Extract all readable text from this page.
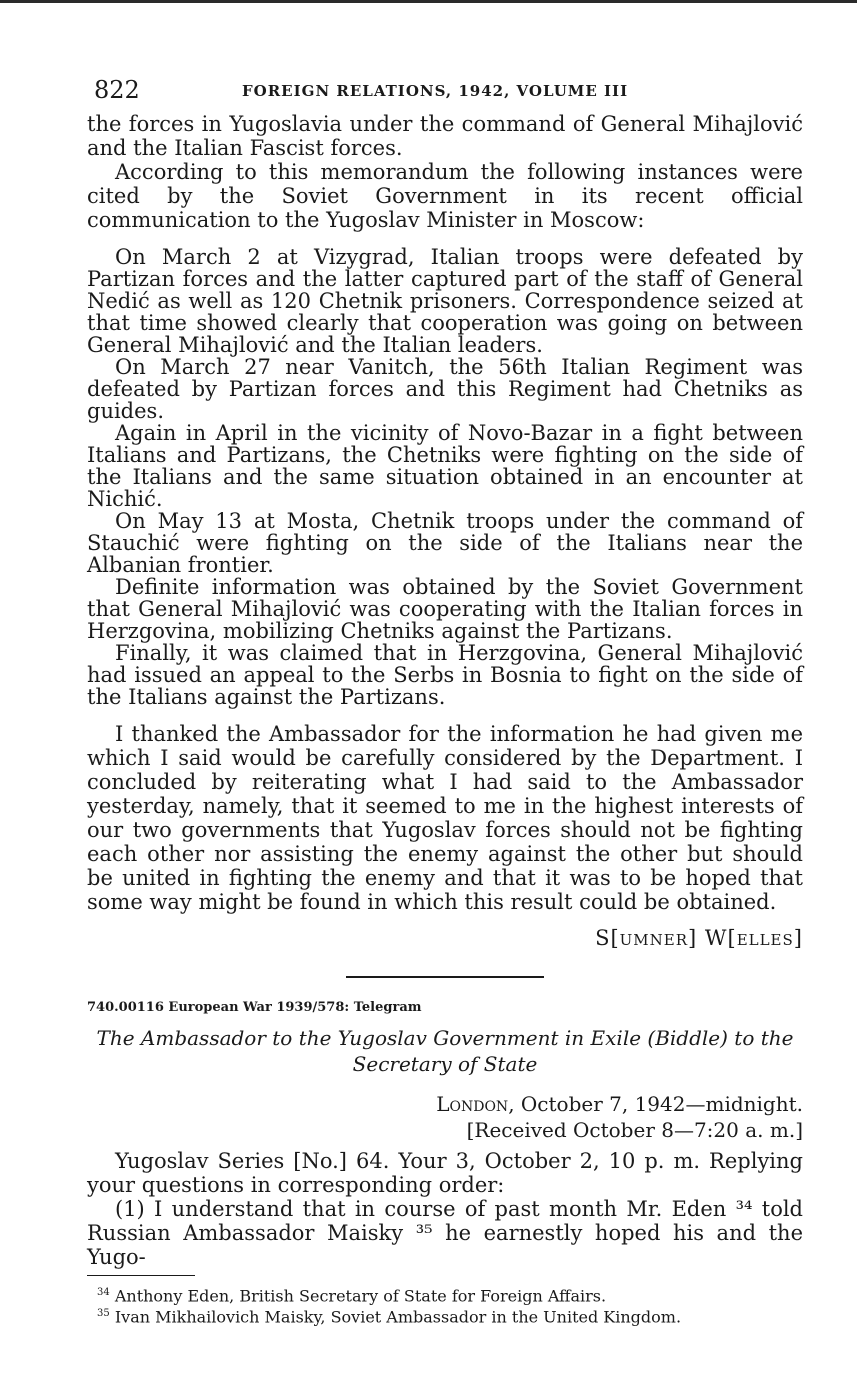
822	FOREIGN RELATIONS, 1942, VOLUME III

the forces in Yugoslavia under the command of General Mihajlović and the Italian Fascist forces.

According to this memorandum the following instances were cited by the Soviet Government in its recent official communication to the Yugoslav Minister in Moscow:

On March 2 at Vizygrad, Italian troops were defeated by Partizan forces and the latter captured part of the staff of General Nedić as well as 120 Chetnik prisoners. Correspondence seized at that time showed clearly that cooperation was going on between General Mihajlović and the Italian leaders.

On March 27 near Vanitch, the 56th Italian Regiment was defeated by Partizan forces and this Regiment had Chetniks as guides.

Again in April in the vicinity of Novo-Bazar in a fight between Italians and Partizans, the Chetniks were fighting on the side of the Italians and the same situation obtained in an encounter at Nichić.

On May 13 at Mosta, Chetnik troops under the command of Stauchić were fighting on the side of the Italians near the Albanian frontier.

Definite information was obtained by the Soviet Government that General Mihajlović was cooperating with the Italian forces in Herzgovina, mobilizing Chetniks against the Partizans.

Finally, it was claimed that in Herzgovina, General Mihajlović had issued an appeal to the Serbs in Bosnia to fight on the side of the Italians against the Partizans.

I thanked the Ambassador for the information he had given me which I said would be carefully considered by the Department. I concluded by reiterating what I had said to the Ambassador yesterday, namely, that it seemed to me in the highest interests of our two governments that Yugoslav forces should not be fighting each other nor assisting the enemy against the other but should be united in fighting the enemy and that it was to be hoped that some way might be found in which this result could be obtained.

S[umner] W[elles]
740.00116 European War 1939/578: Telegram

The Ambassador to the Yugoslav Government in Exile (Biddle) to the Secretary of State

London, October 7, 1942—midnight.

[Received October 8—7:20 a. m.]

Yugoslav Series [No.] 64. Your 3, October 2, 10 p. m. Replying your questions in corresponding order:

(1) I understand that in course of past month Mr. Eden ³⁴ told Russian Ambassador Maisky ³⁵ he earnestly hoped his and the Yugo-

$^{34}$ Anthony Eden, British Secretary of State for Foreign Affairs.

$^{35}$ Ivan Mikhailovich Maisky, Soviet Ambassador in the United Kingdom.
